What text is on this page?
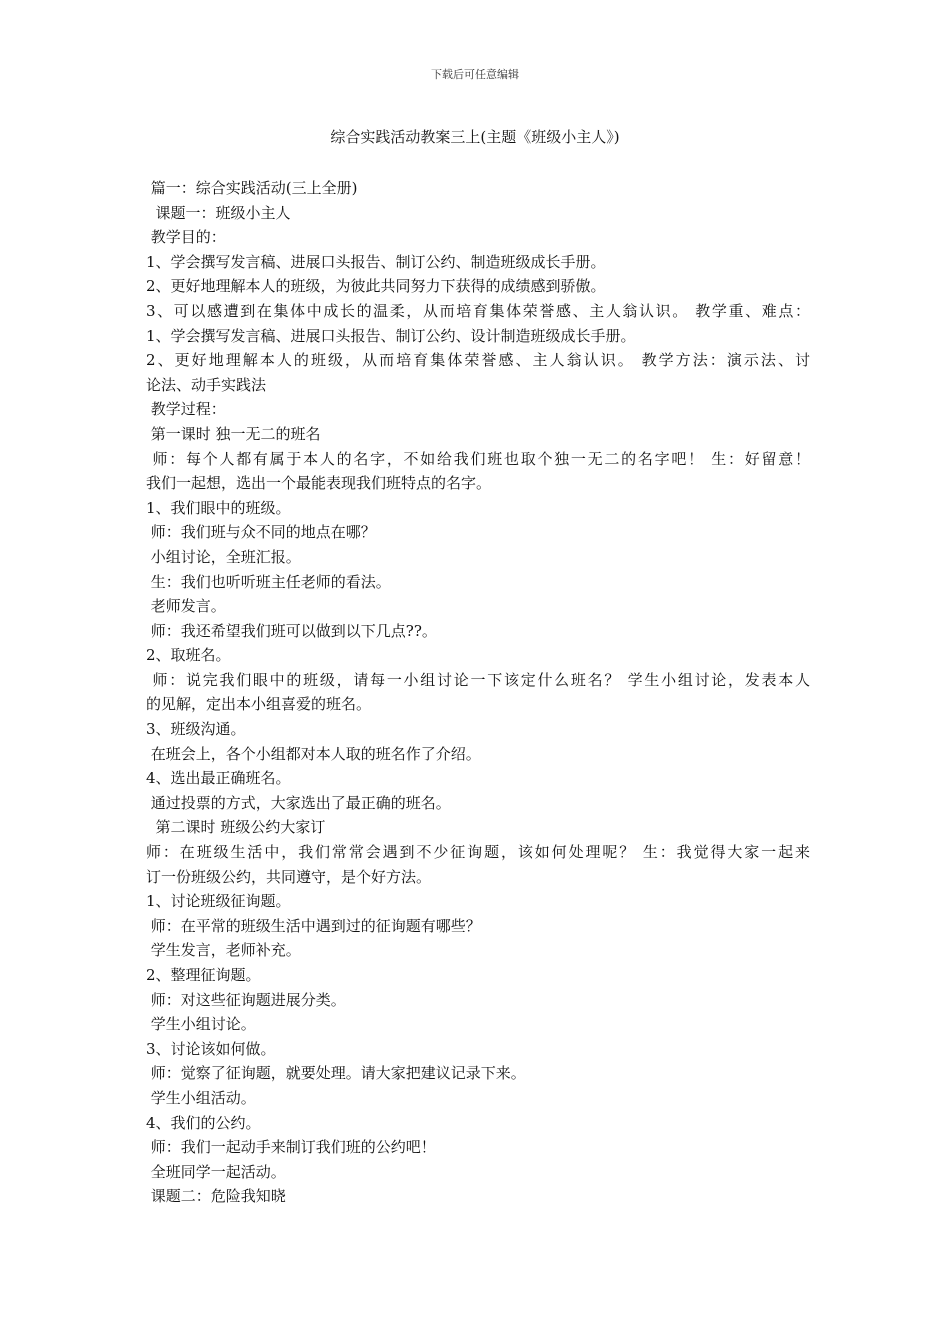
下载后可任意编辑
综合实践活动教案三上(主题《班级小主人》)

篇一：综合实践活动(三上全册)

课题一：班级小主人

教学目的：

1、学会撰写发言稿、进展口头报告、制订公约、制造班级成长手册。

2、更好地理解本人的班级，为彼此共同努力下获得的成绩感到骄傲。

3、可以感遭到在集体中成长的温柔，从而培育集体荣誉感、主人翁认识。 教学重、难点：

1、学会撰写发言稿、进展口头报告、制订公约、设计制造班级成长手册。

2、更好地理解本人的班级，从而培育集体荣誉感、主人翁认识。 教学方法：演示法、讨

论法、动手实践法

教学过程：

第一课时 独一无二的班名

师：每个人都有属于本人的名字，不如给我们班也取个独一无二的名字吧！ 生：好留意！

我们一起想，选出一个最能表现我们班特点的名字。

1、我们眼中的班级。

师：我们班与众不同的地点在哪？

小组讨论，全班汇报。

生：我们也听听班主任老师的看法。

老师发言。

师：我还希望我们班可以做到以下几点??。

2、取班名。

师：说完我们眼中的班级，请每一小组讨论一下该定什么班名？ 学生小组讨论，发表本人

的见解，定出本小组喜爱的班名。

3、班级沟通。

在班会上，各个小组都对本人取的班名作了介绍。

4、选出最正确班名。

通过投票的方式，大家选出了最正确的班名。

第二课时 班级公约大家订

师：在班级生活中，我们常常会遇到不少征询题，该如何处理呢？ 生：我觉得大家一起来

订一份班级公约，共同遵守，是个好方法。

1、讨论班级征询题。

师：在平常的班级生活中遇到过的征询题有哪些？

学生发言，老师补充。

2、整理征询题。

师：对这些征询题进展分类。

学生小组讨论。

3、讨论该如何做。

师：觉察了征询题，就要处理。请大家把建议记录下来。

学生小组活动。

4、我们的公约。

师：我们一起动手来制订我们班的公约吧！

全班同学一起活动。

课题二：危险我知晓
